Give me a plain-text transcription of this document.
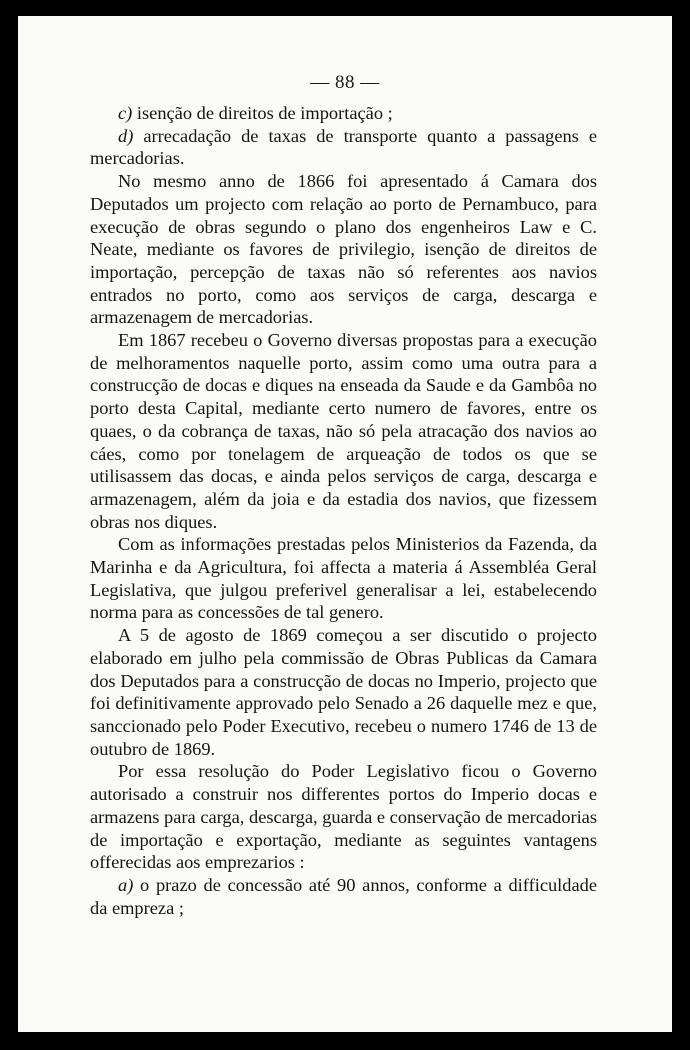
— 88 —

c) isenção de direitos de importação ;

d) arrecadação de taxas de transporte quanto a passagens e mercadorias.

No mesmo anno de 1866 foi apresentado á Camara dos Deputados um projecto com relação ao porto de Pernambuco, para execução de obras segundo o plano dos engenheiros Law e C. Neate, mediante os favores de privilegio, isenção de direitos de importação, percepção de taxas não só referentes aos navios entrados no porto, como aos serviços de carga, descarga e armazenagem de mercadorias.

Em 1867 recebeu o Governo diversas propostas para a execução de melhoramentos naquelle porto, assim como uma outra para a construcção de docas e diques na enseada da Saude e da Gambôa no porto desta Capital, mediante certo numero de favores, entre os quaes, o da cobrança de taxas, não só pela atracação dos navios ao cáes, como por tonelagem de arqueação de todos os que se utilisassem das docas, e ainda pelos serviços de carga, descarga e armazenagem, além da joia e da estadia dos navios, que fizessem obras nos diques.

Com as informações prestadas pelos Ministerios da Fazenda, da Marinha e da Agricultura, foi affecta a materia á Assembléa Geral Legislativa, que julgou preferivel generalisar a lei, estabelecendo norma para as concessões de tal genero.

A 5 de agosto de 1869 começou a ser discutido o projecto elaborado em julho pela commissão de Obras Publicas da Camara dos Deputados para a construcção de docas no Imperio, projecto que foi definitivamente approvado pelo Senado a 26 daquelle mez e que, sanccionado pelo Poder Executivo, recebeu o numero 1746 de 13 de outubro de 1869.

Por essa resolução do Poder Legislativo ficou o Governo autorisado a construir nos differentes portos do Imperio docas e armazens para carga, descarga, guarda e conservação de mercadorias de importação e exportação, mediante as seguintes vantagens offerecidas aos emprezarios :

a) o prazo de concessão até 90 annos, conforme a difficuldade da empreza ;
